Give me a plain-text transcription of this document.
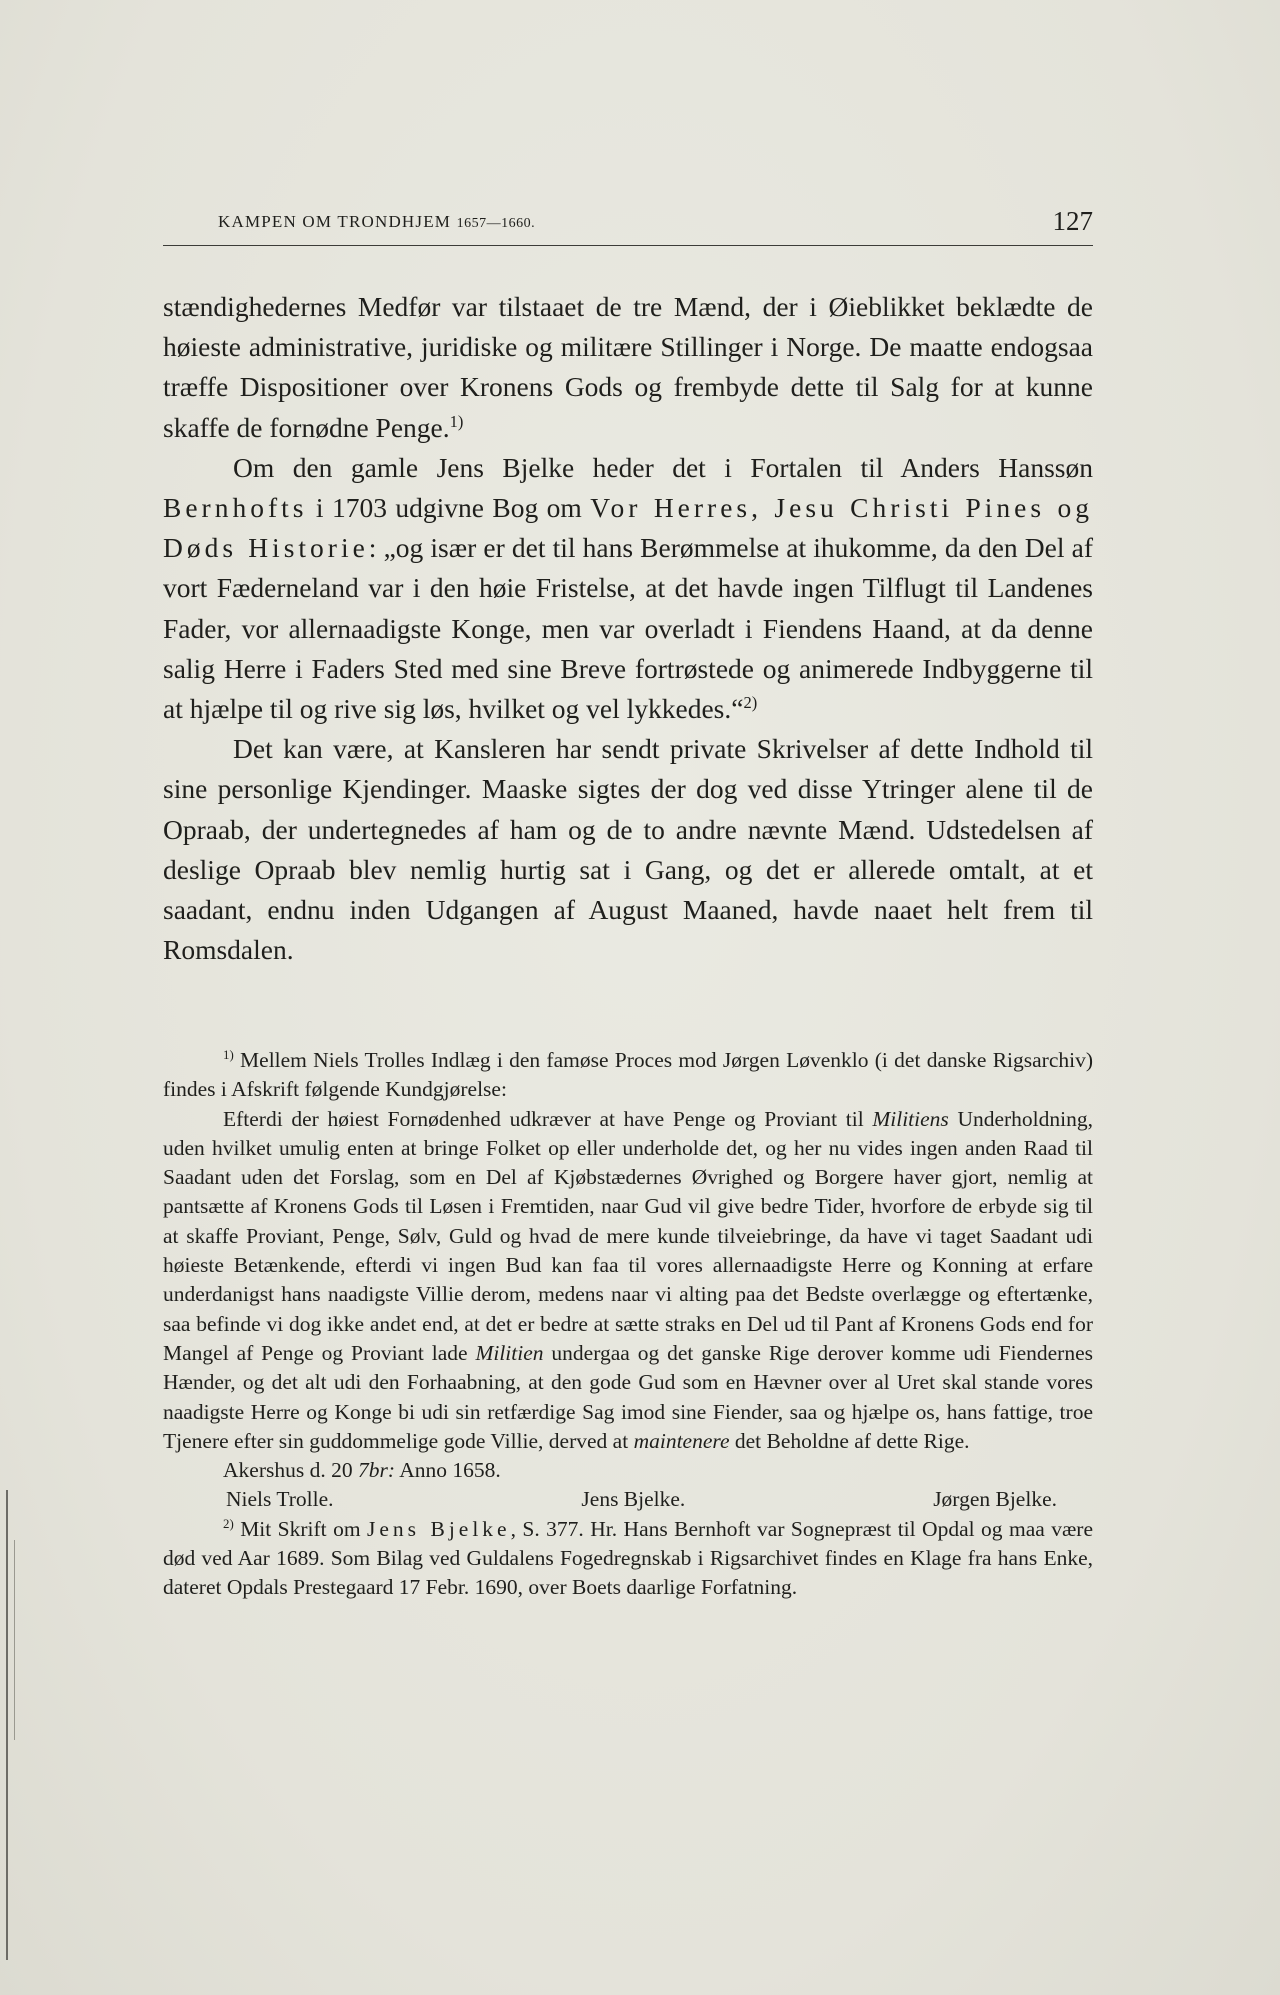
KAMPEN OM TRONDHJEM 1657—1660.	127

stændighedernes Medfør var tilstaaet de tre Mænd, der i Øieblikket beklædte de høieste administrative, juridiske og militære Stillinger i Norge. De maatte endogsaa træffe Dispositioner over Kronens Gods og frembyde dette til Salg for at kunne skaffe de fornødne Penge.$^{1)}$

Om den gamle Jens Bjelke heder det i Fortalen til Anders Hanssøn Bernhofts i 1703 udgivne Bog om Vor Herres, Jesu Christi Pines og Døds Historie: „og især er det til hans Berømmelse at ihukomme, da den Del af vort Fæderneland var i den høie Fristelse, at det havde ingen Tilflugt til Landenes Fader, vor allernaadigste Konge, men var overladt i Fiendens Haand, at da denne salig Herre i Faders Sted med sine Breve fortrøstede og animerede Indbyggerne til at hjælpe til og rive sig løs, hvilket og vel lykkedes.“$^{2)}$

Det kan være, at Kansleren har sendt private Skrivelser af dette Indhold til sine personlige Kjendinger. Maaske sigtes der dog ved disse Ytringer alene til de Opraab, der undertegnedes af ham og de to andre nævnte Mænd. Udstedelsen af deslige Opraab blev nemlig hurtig sat i Gang, og det er allerede omtalt, at et saadant, endnu inden Udgangen af August Maaned, havde naaet helt frem til Romsdalen.

$^{1)}$ Mellem Niels Trolles Indlæg i den famøse Proces mod Jørgen Løvenklo (i det danske Rigsarchiv) findes i Afskrift følgende Kundgjørelse:

Efterdi der høiest Fornødenhed udkræver at have Penge og Proviant til Militiens Underholdning, uden hvilket umulig enten at bringe Folket op eller underholde det, og her nu vides ingen anden Raad til Saadant uden det Forslag, som en Del af Kjøbstædernes Øvrighed og Borgere haver gjort, nemlig at pantsætte af Kronens Gods til Løsen i Fremtiden, naar Gud vil give bedre Tider, hvorfore de erbyde sig til at skaffe Proviant, Penge, Sølv, Guld og hvad de mere kunde tilveiebringe, da have vi taget Saadant udi høieste Betænkende, efterdi vi ingen Bud kan faa til vores allernaadigste Herre og Konning at erfare underdanigst hans naadigste Villie derom, medens naar vi alting paa det Bedste overlægge og eftertænke, saa befinde vi dog ikke andet end, at det er bedre at sætte straks en Del ud til Pant af Kronens Gods end for Mangel af Penge og Proviant lade Militien undergaa og det ganske Rige derover komme udi Fiendernes Hænder, og det alt udi den Forhaabning, at den gode Gud som en Hævner over al Uret skal stande vores naadigste Herre og Konge bi udi sin retfærdige Sag imod sine Fiender, saa og hjælpe os, hans fattige, troe Tjenere efter sin guddommelige gode Villie, derved at maintenere det Beholdne af dette Rige.

Akershus d. 20 7br: Anno 1658.

Niels Trolle.	Jens Bjelke.	Jørgen Bjelke.

$^{2)}$ Mit Skrift om Jens Bjelke, S. 377. Hr. Hans Bernhoft var Sognepræst til Opdal og maa være død ved Aar 1689. Som Bilag ved Guldalens Fogedregnskab i Rigsarchivet findes en Klage fra hans Enke, dateret Opdals Prestegaard 17 Febr. 1690, over Boets daarlige Forfatning.
